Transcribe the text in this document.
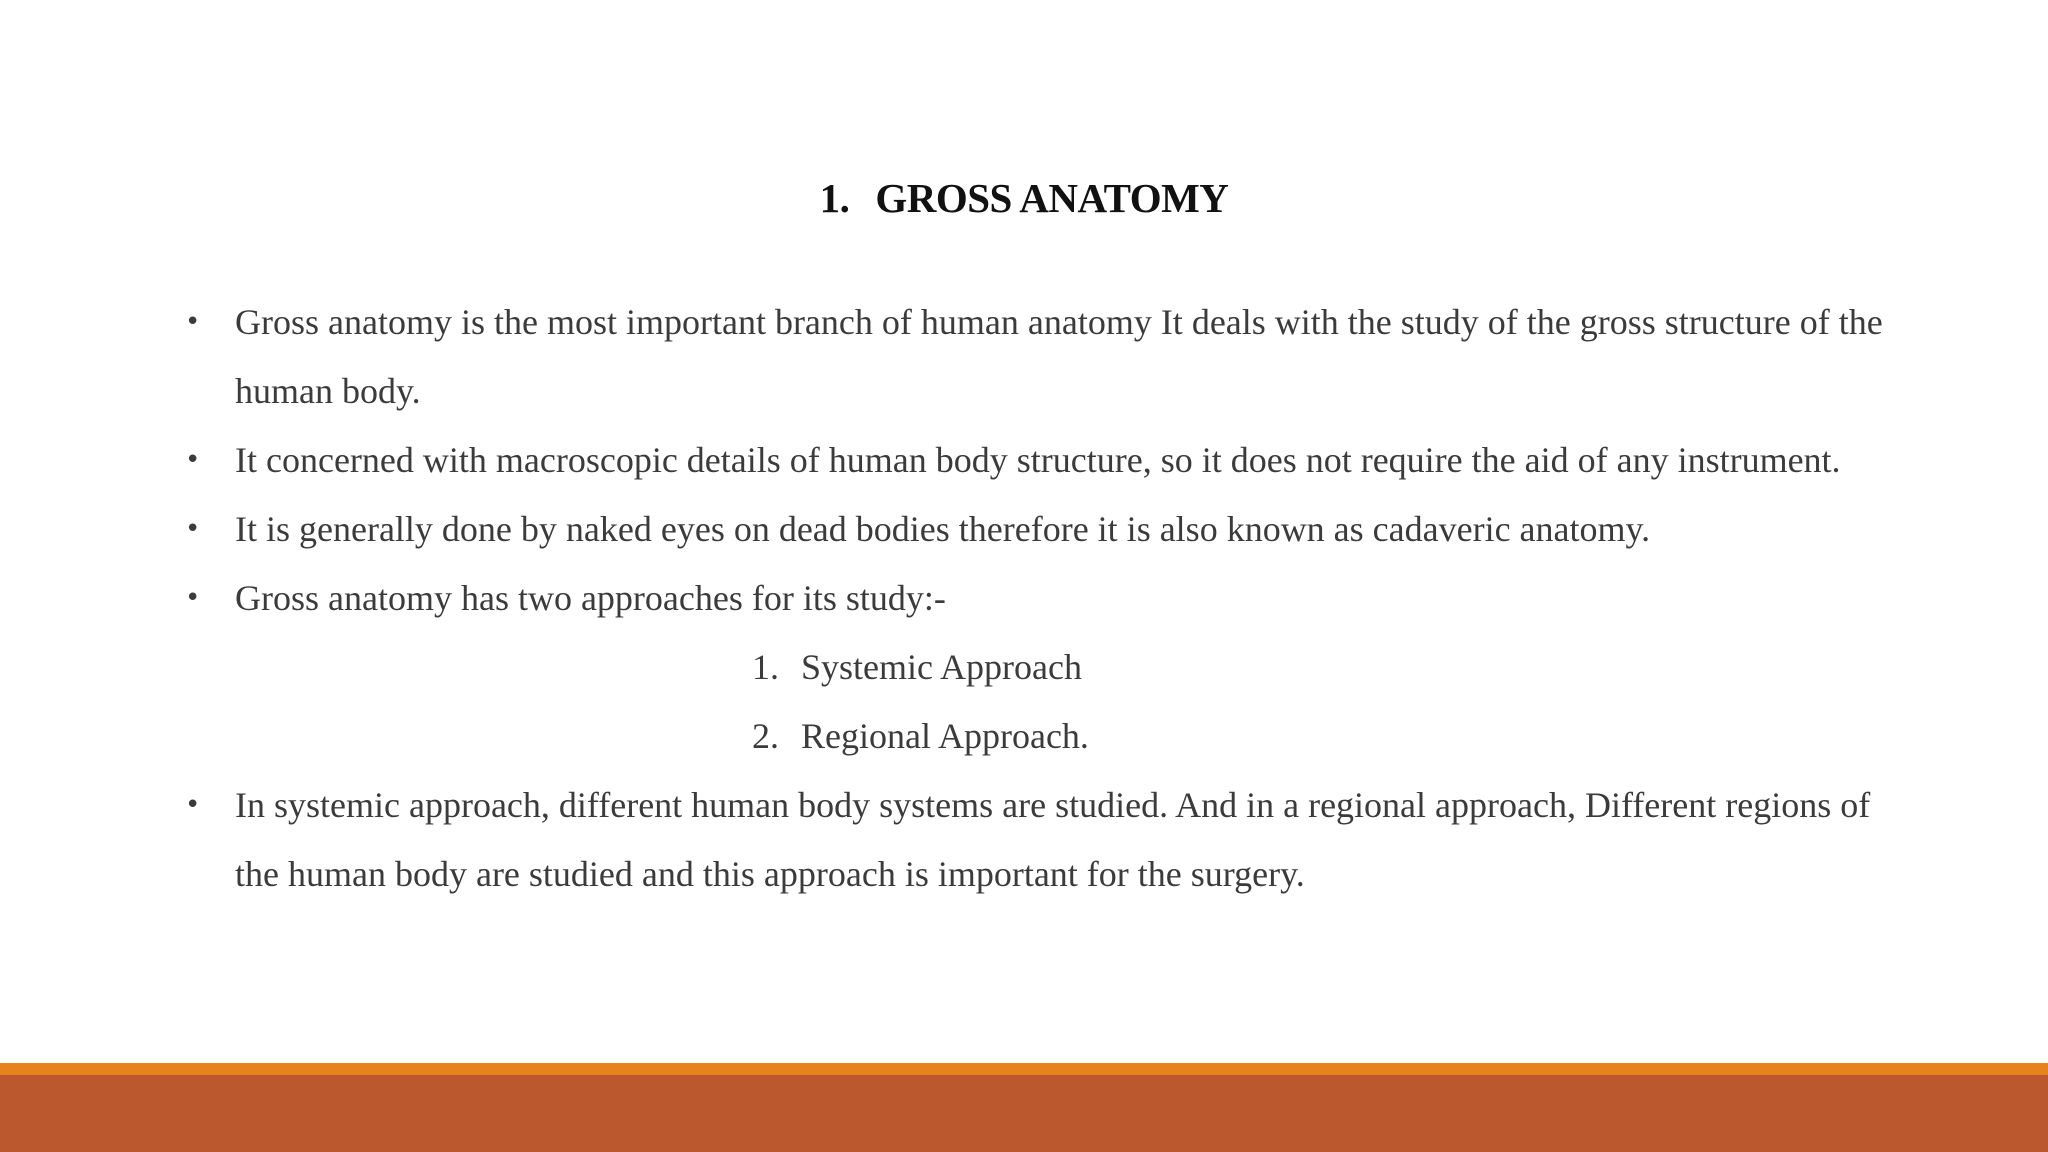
1. GROSS ANATOMY

• Gross anatomy is the most important branch of human anatomy It deals with the study of the gross structure of the human body.

• It concerned with macroscopic details of human body structure, so it does not require the aid of any instrument.

• It is generally done by naked eyes on dead bodies therefore it is also known as cadaveric anatomy.

• Gross anatomy has two approaches for its study:-

1. Systemic Approach

2. Regional Approach.

• In systemic approach, different human body systems are studied. And in a regional approach, Different regions of the human body are studied and this approach is important for the surgery.
